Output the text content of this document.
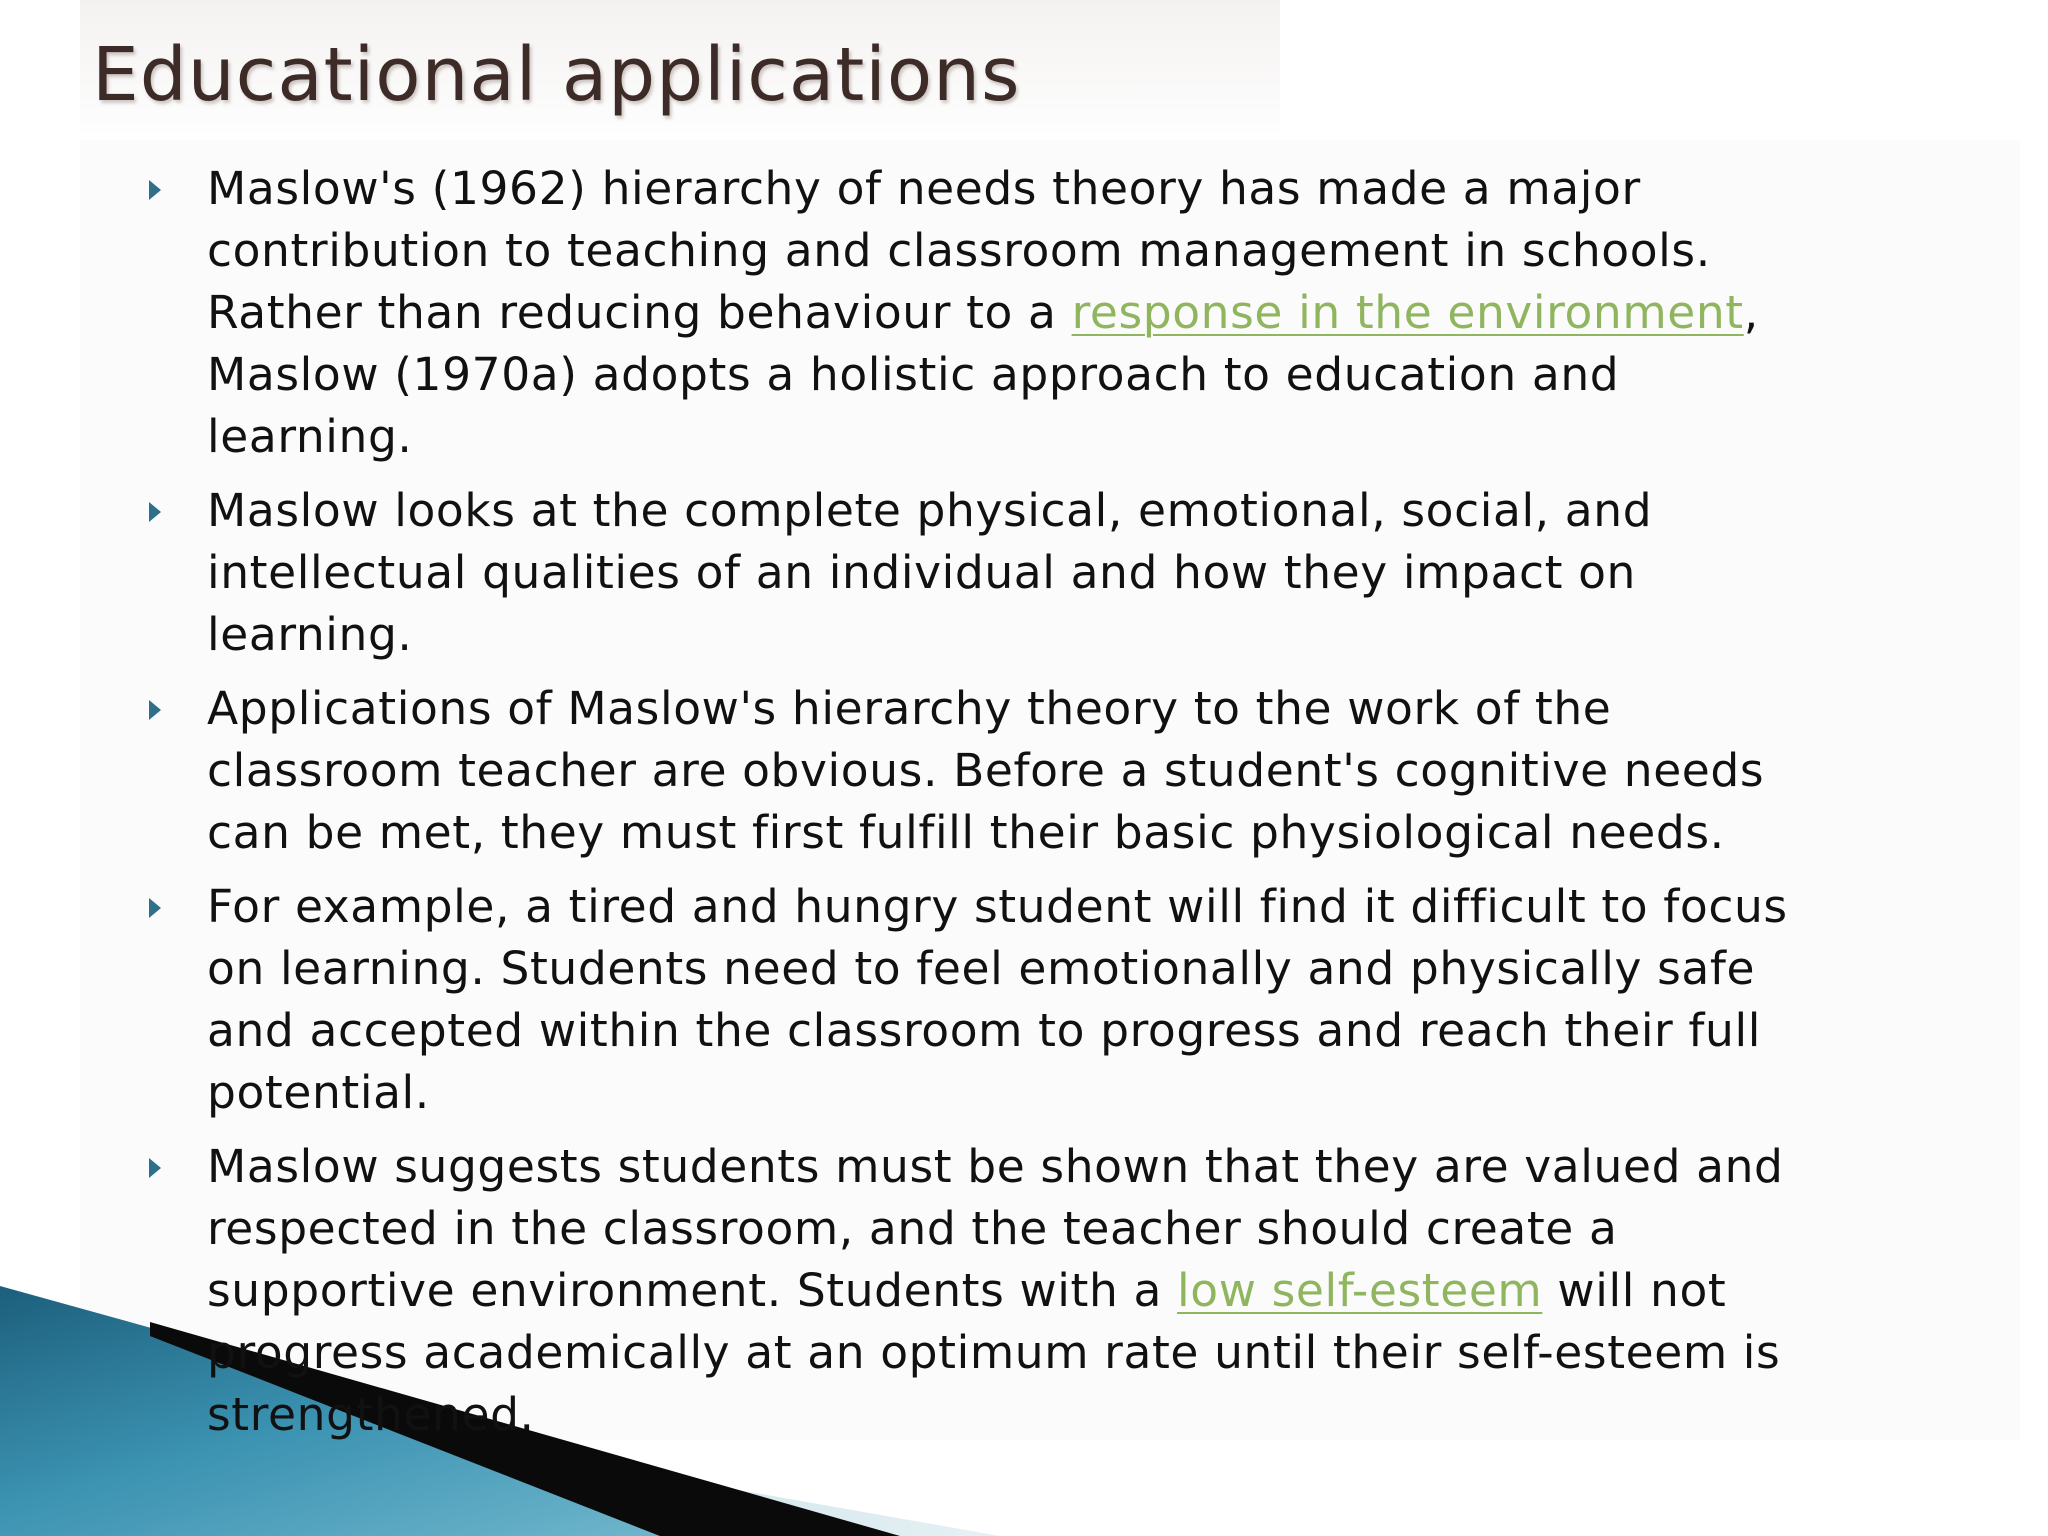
Educational applications
Maslow's (1962) hierarchy of needs theory has made a major
contribution to teaching and classroom management in schools.
Rather than reducing behaviour to a response in the environment,
Maslow (1970a) adopts a holistic approach to education and
learning.
Maslow looks at the complete physical, emotional, social, and
intellectual qualities of an individual and how they impact on
learning.
Applications of Maslow's hierarchy theory to the work of the
classroom teacher are obvious. Before a student's cognitive needs
can be met, they must first fulfill their basic physiological needs.
For example, a tired and hungry student will find it difficult to focus
on learning. Students need to feel emotionally and physically safe
and accepted within the classroom to progress and reach their full
potential.
Maslow suggests students must be shown that they are valued and
respected in the classroom, and the teacher should create a
supportive environment. Students with a low self-esteem will not
progress academically at an optimum rate until their self-esteem is
strengthened.
